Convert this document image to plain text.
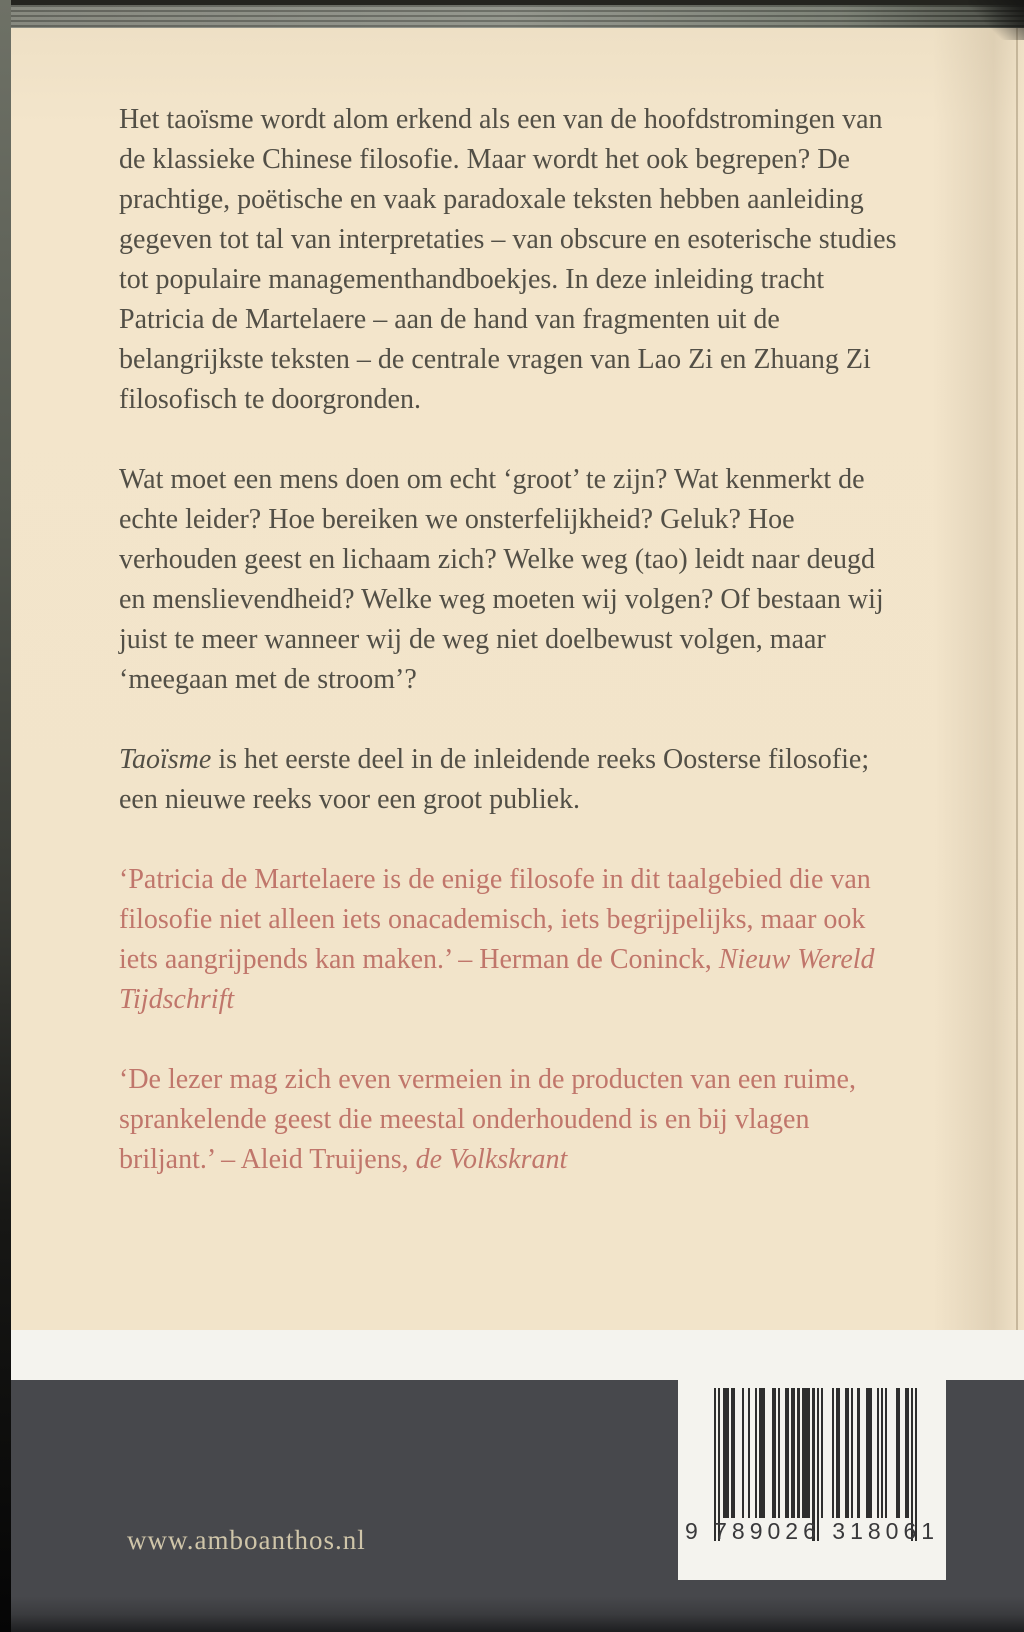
Het taoïsme wordt alom erkend als een van de hoofdstromingen van de klassieke Chinese filosofie. Maar wordt het ook begrepen? De prachtige, poëtische en vaak paradoxale teksten hebben aanleiding gegeven tot tal van interpretaties – van obscure en esoterische studies tot populaire managementhandboekjes. In deze inleiding tracht Patricia de Martelaere – aan de hand van fragmenten uit de belangrijkste teksten – de centrale vragen van Lao Zi en Zhuang Zi filosofisch te doorgronden.

Wat moet een mens doen om echt ‘groot’ te zijn? Wat kenmerkt de echte leider? Hoe bereiken we onsterfelijkheid? Geluk? Hoe verhouden geest en lichaam zich? Welke weg (tao) leidt naar deugd en menslievendheid? Welke weg moeten wij volgen? Of bestaan wij juist te meer wanneer wij de weg niet doelbewust volgen, maar ‘meegaan met de stroom’?

Taoïsme is het eerste deel in de inleidende reeks Oosterse filosofie; een nieuwe reeks voor een groot publiek.

‘Patricia de Martelaere is de enige filosofe in dit taalgebied die van filosofie niet alleen iets onacademisch, iets begrijpelijks, maar ook iets aangrijpends kan maken.’ – Herman de Coninck, Nieuw Wereld Tijdschrift

‘De lezer mag zich even vermeien in de producten van een ruime, sprankelende geest die meestal onderhoudend is en bij vlagen briljant.’ – Aleid Truijens, de Volkskrant

www.amboanthos.nl	9 789026 318061
